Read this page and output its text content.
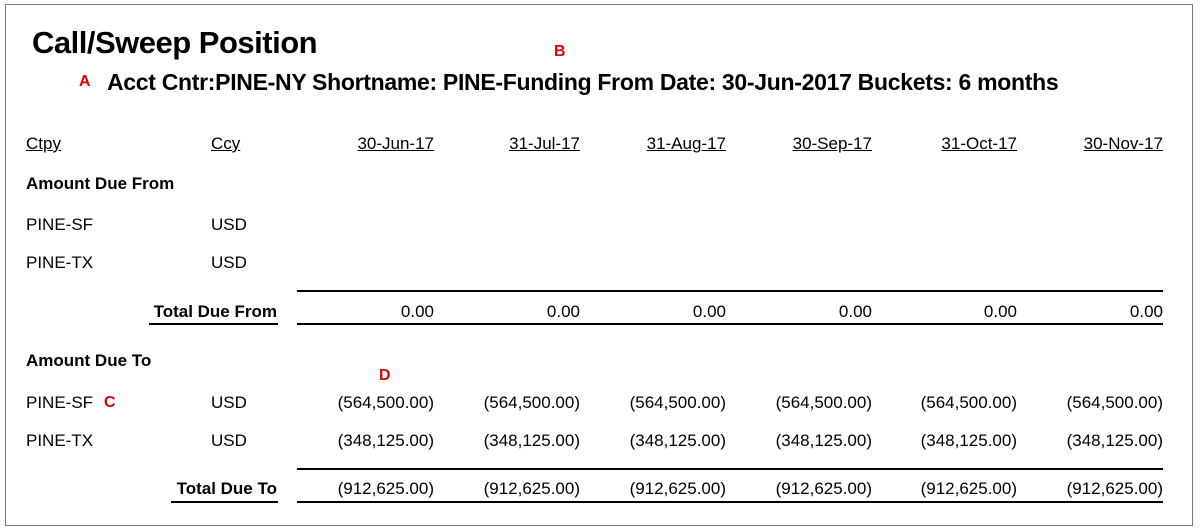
Call/Sweep Position
Acct Cntr:PINE-NY Shortname: PINE-Funding From Date: 30-Jun-2017 Buckets: 6 months
A
B
C
D
Ctpy	Ccy	30-Jun-17	31-Jul-17	31-Aug-17	30-Sep-17	31-Oct-17	30-Nov-17
Amount Due From
PINE-SF	USD
PINE-TX	USD
Total Due From	0.00	0.00	0.00	0.00	0.00	0.00
Amount Due To
PINE-SF	USD	(564,500.00)	(564,500.00)	(564,500.00)	(564,500.00)	(564,500.00)	(564,500.00)
PINE-TX	USD	(348,125.00)	(348,125.00)	(348,125.00)	(348,125.00)	(348,125.00)	(348,125.00)
Total Due To	(912,625.00)	(912,625.00)	(912,625.00)	(912,625.00)	(912,625.00)	(912,625.00)
